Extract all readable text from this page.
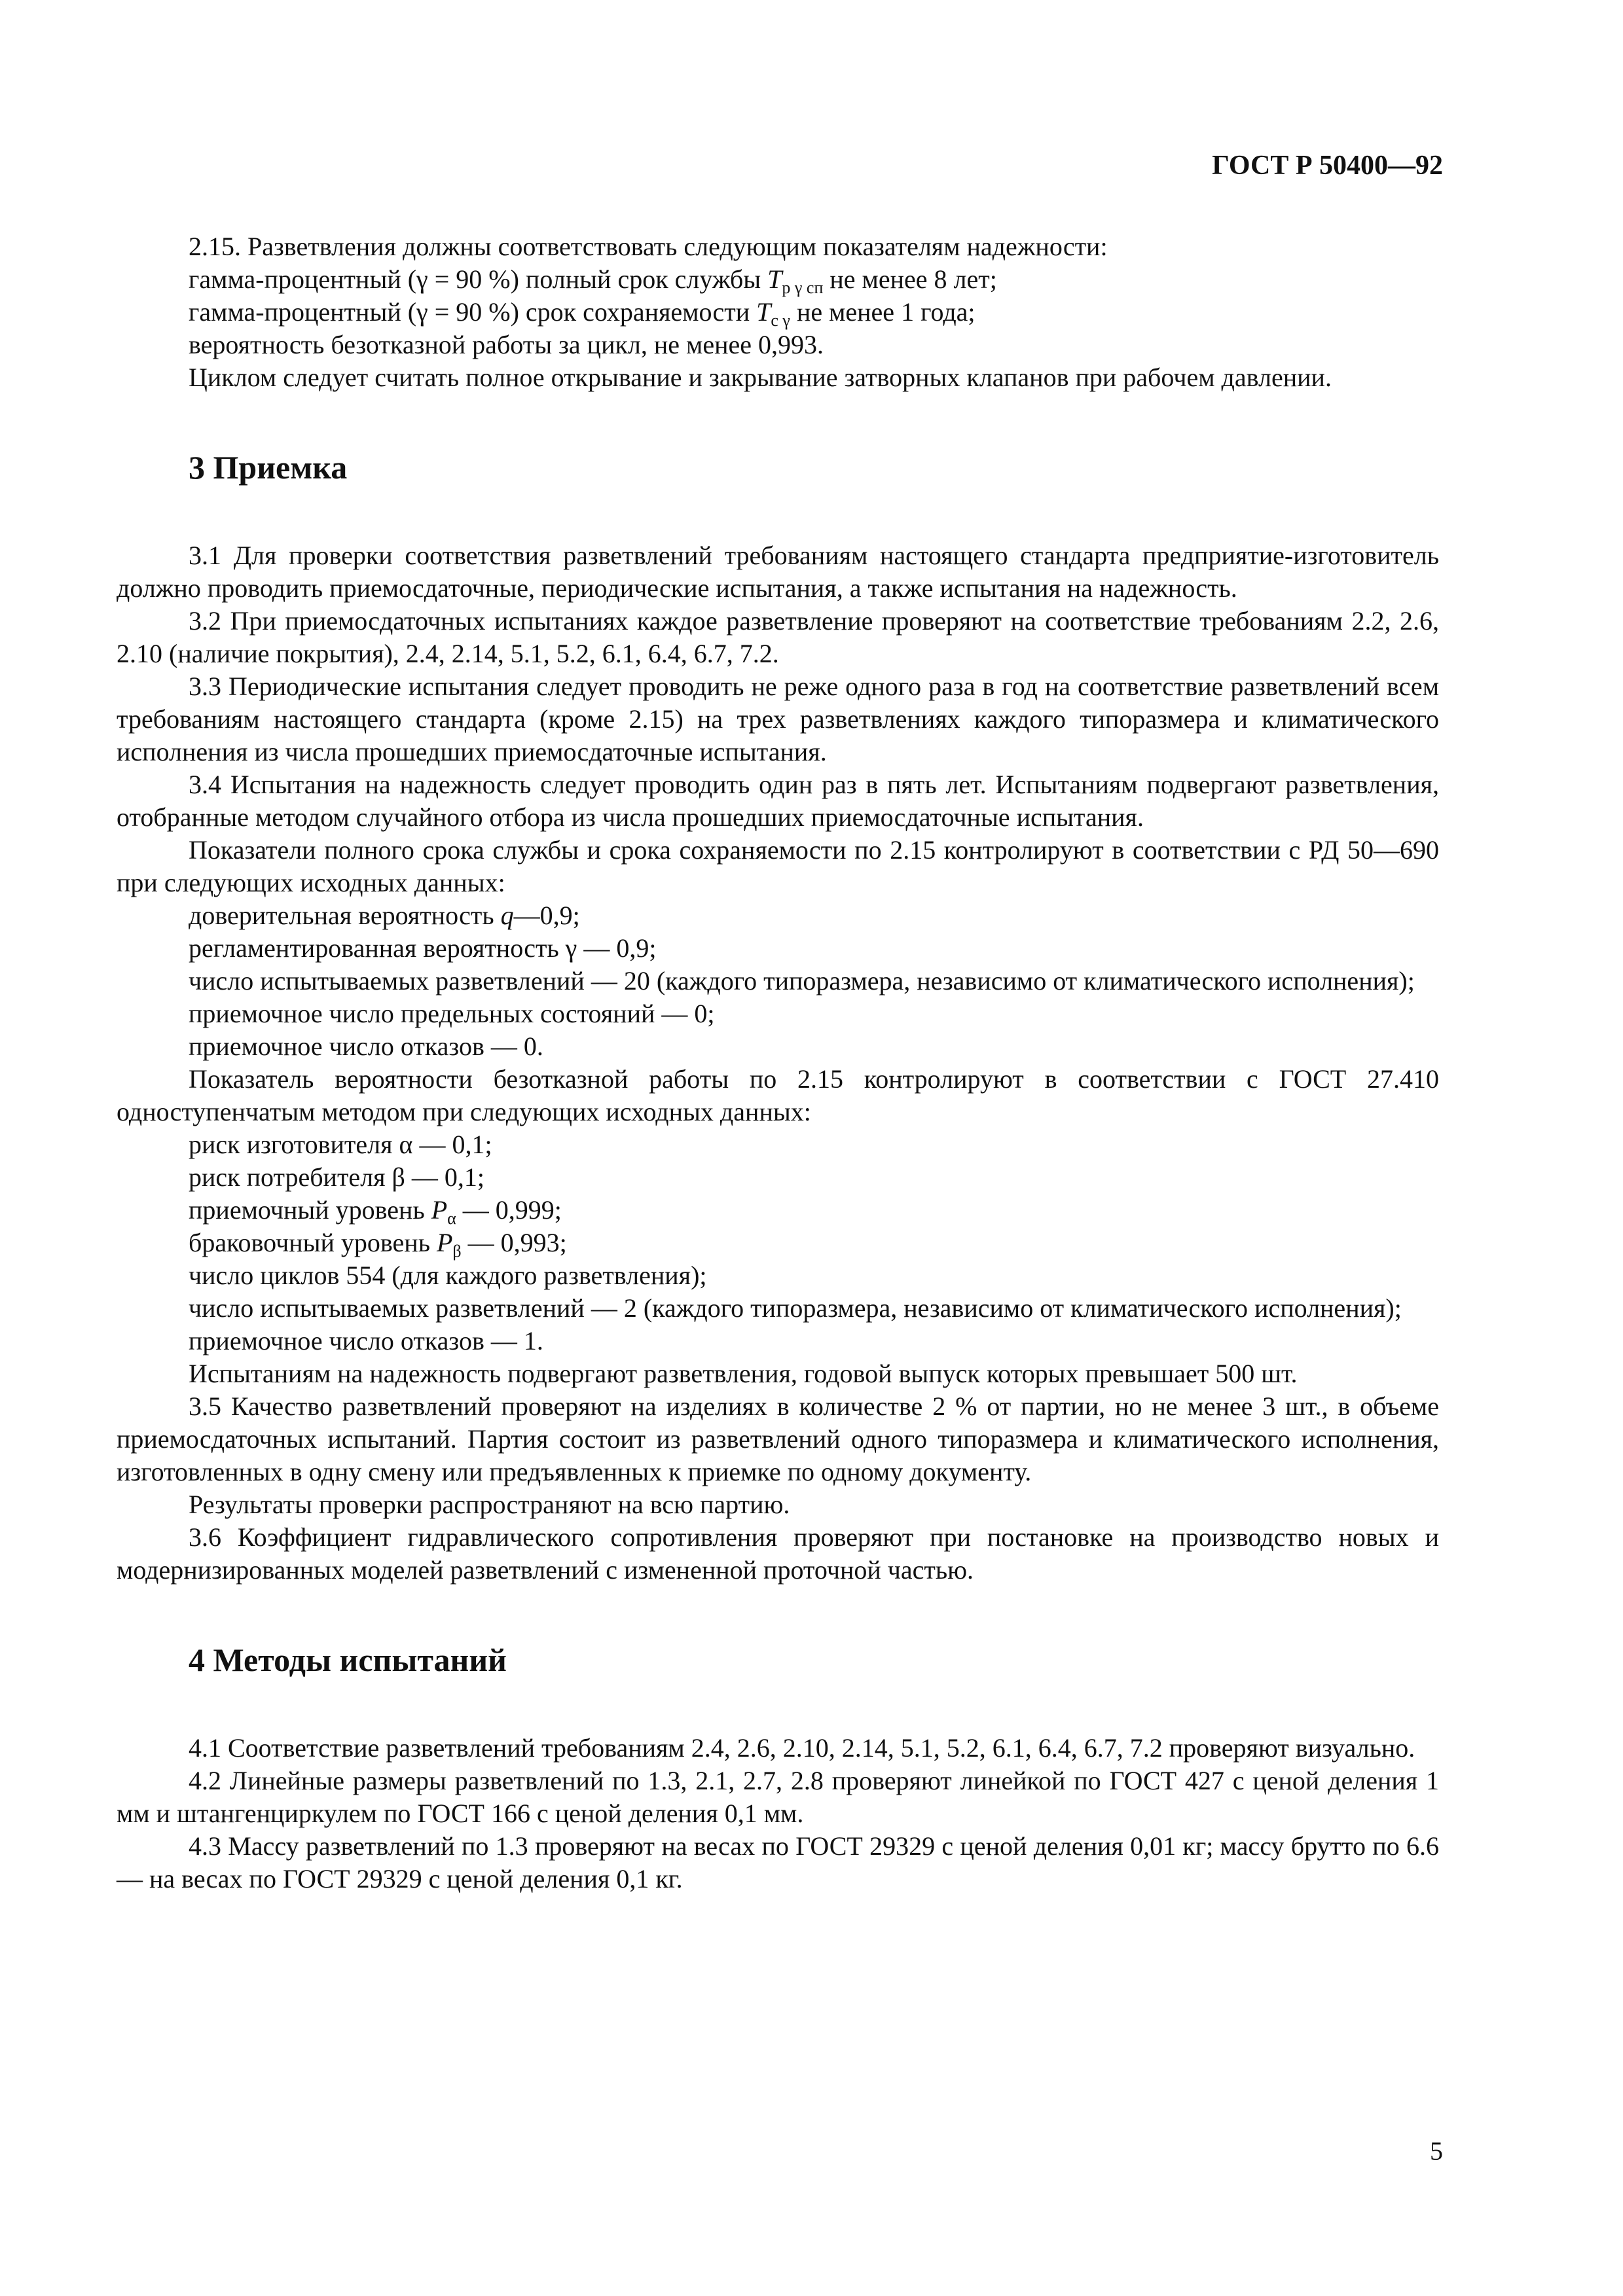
ГОСТ Р 50400—92

2.15. Разветвления должны соответствовать следующим показателям надежности:

гамма-процентный (γ = 90 %) полный срок службы $T_{р \gamma сп}$ не менее 8 лет;

гамма-процентный (γ = 90 %) срок сохраняемости $T_{с \gamma}$ не менее 1 года;

вероятность безотказной работы за цикл, не менее 0,993.

Циклом следует считать полное открывание и закрывание затворных клапанов при рабочем давлении.

3 Приемка

3.1 Для проверки соответствия разветвлений требованиям настоящего стандарта предприятие-изготовитель должно проводить приемосдаточные, периодические испытания, а также испытания на надежность.

3.2 При приемосдаточных испытаниях каждое разветвление проверяют на соответствие требованиям 2.2, 2.6, 2.10 (наличие покрытия), 2.4, 2.14, 5.1, 5.2, 6.1, 6.4, 6.7, 7.2.

3.3 Периодические испытания следует проводить не реже одного раза в год на соответствие разветвлений всем требованиям настоящего стандарта (кроме 2.15) на трех разветвлениях каждого типоразмера и климатического исполнения из числа прошедших приемосдаточные испытания.

3.4 Испытания на надежность следует проводить один раз в пять лет. Испытаниям подвергают разветвления, отобранные методом случайного отбора из числа прошедших приемосдаточные испытания.

Показатели полного срока службы и срока сохраняемости по 2.15 контролируют в соответствии с РД 50—690 при следующих исходных данных:

доверительная вероятность q—0,9;

регламентированная вероятность γ — 0,9;

число испытываемых разветвлений — 20 (каждого типоразмера, независимо от климатического исполнения);

приемочное число предельных состояний — 0;

приемочное число отказов — 0.

Показатель вероятности безотказной работы по 2.15 контролируют в соответствии с ГОСТ 27.410 одноступенчатым методом при следующих исходных данных:

риск изготовителя α — 0,1;

риск потребителя β — 0,1;

приемочный уровень $P_\alpha$ — 0,999;

браковочный уровень $P_\beta$ — 0,993;

число циклов 554 (для каждого разветвления);

число испытываемых разветвлений — 2 (каждого типоразмера, независимо от климатического исполнения);

приемочное число отказов — 1.

Испытаниям на надежность подвергают разветвления, годовой выпуск которых превышает 500 шт.

3.5 Качество разветвлений проверяют на изделиях в количестве 2 % от партии, но не менее 3 шт., в объеме приемосдаточных испытаний. Партия состоит из разветвлений одного типоразмера и климатического исполнения, изготовленных в одну смену или предъявленных к приемке по одному документу.

Результаты проверки распространяют на всю партию.

3.6 Коэффициент гидравлического сопротивления проверяют при постановке на производство новых и модернизированных моделей разветвлений с измененной проточной частью.

4 Методы испытаний

4.1 Соответствие разветвлений требованиям 2.4, 2.6, 2.10, 2.14, 5.1, 5.2, 6.1, 6.4, 6.7, 7.2 проверяют визуально.

4.2 Линейные размеры разветвлений по 1.3, 2.1, 2.7, 2.8 проверяют линейкой по ГОСТ 427 с ценой деления 1 мм и штангенциркулем по ГОСТ 166 с ценой деления 0,1 мм.

4.3 Массу разветвлений по 1.3 проверяют на весах по ГОСТ 29329 с ценой деления 0,01 кг; массу брутто по 6.6 — на весах по ГОСТ 29329 с ценой деления 0,1 кг.

5
